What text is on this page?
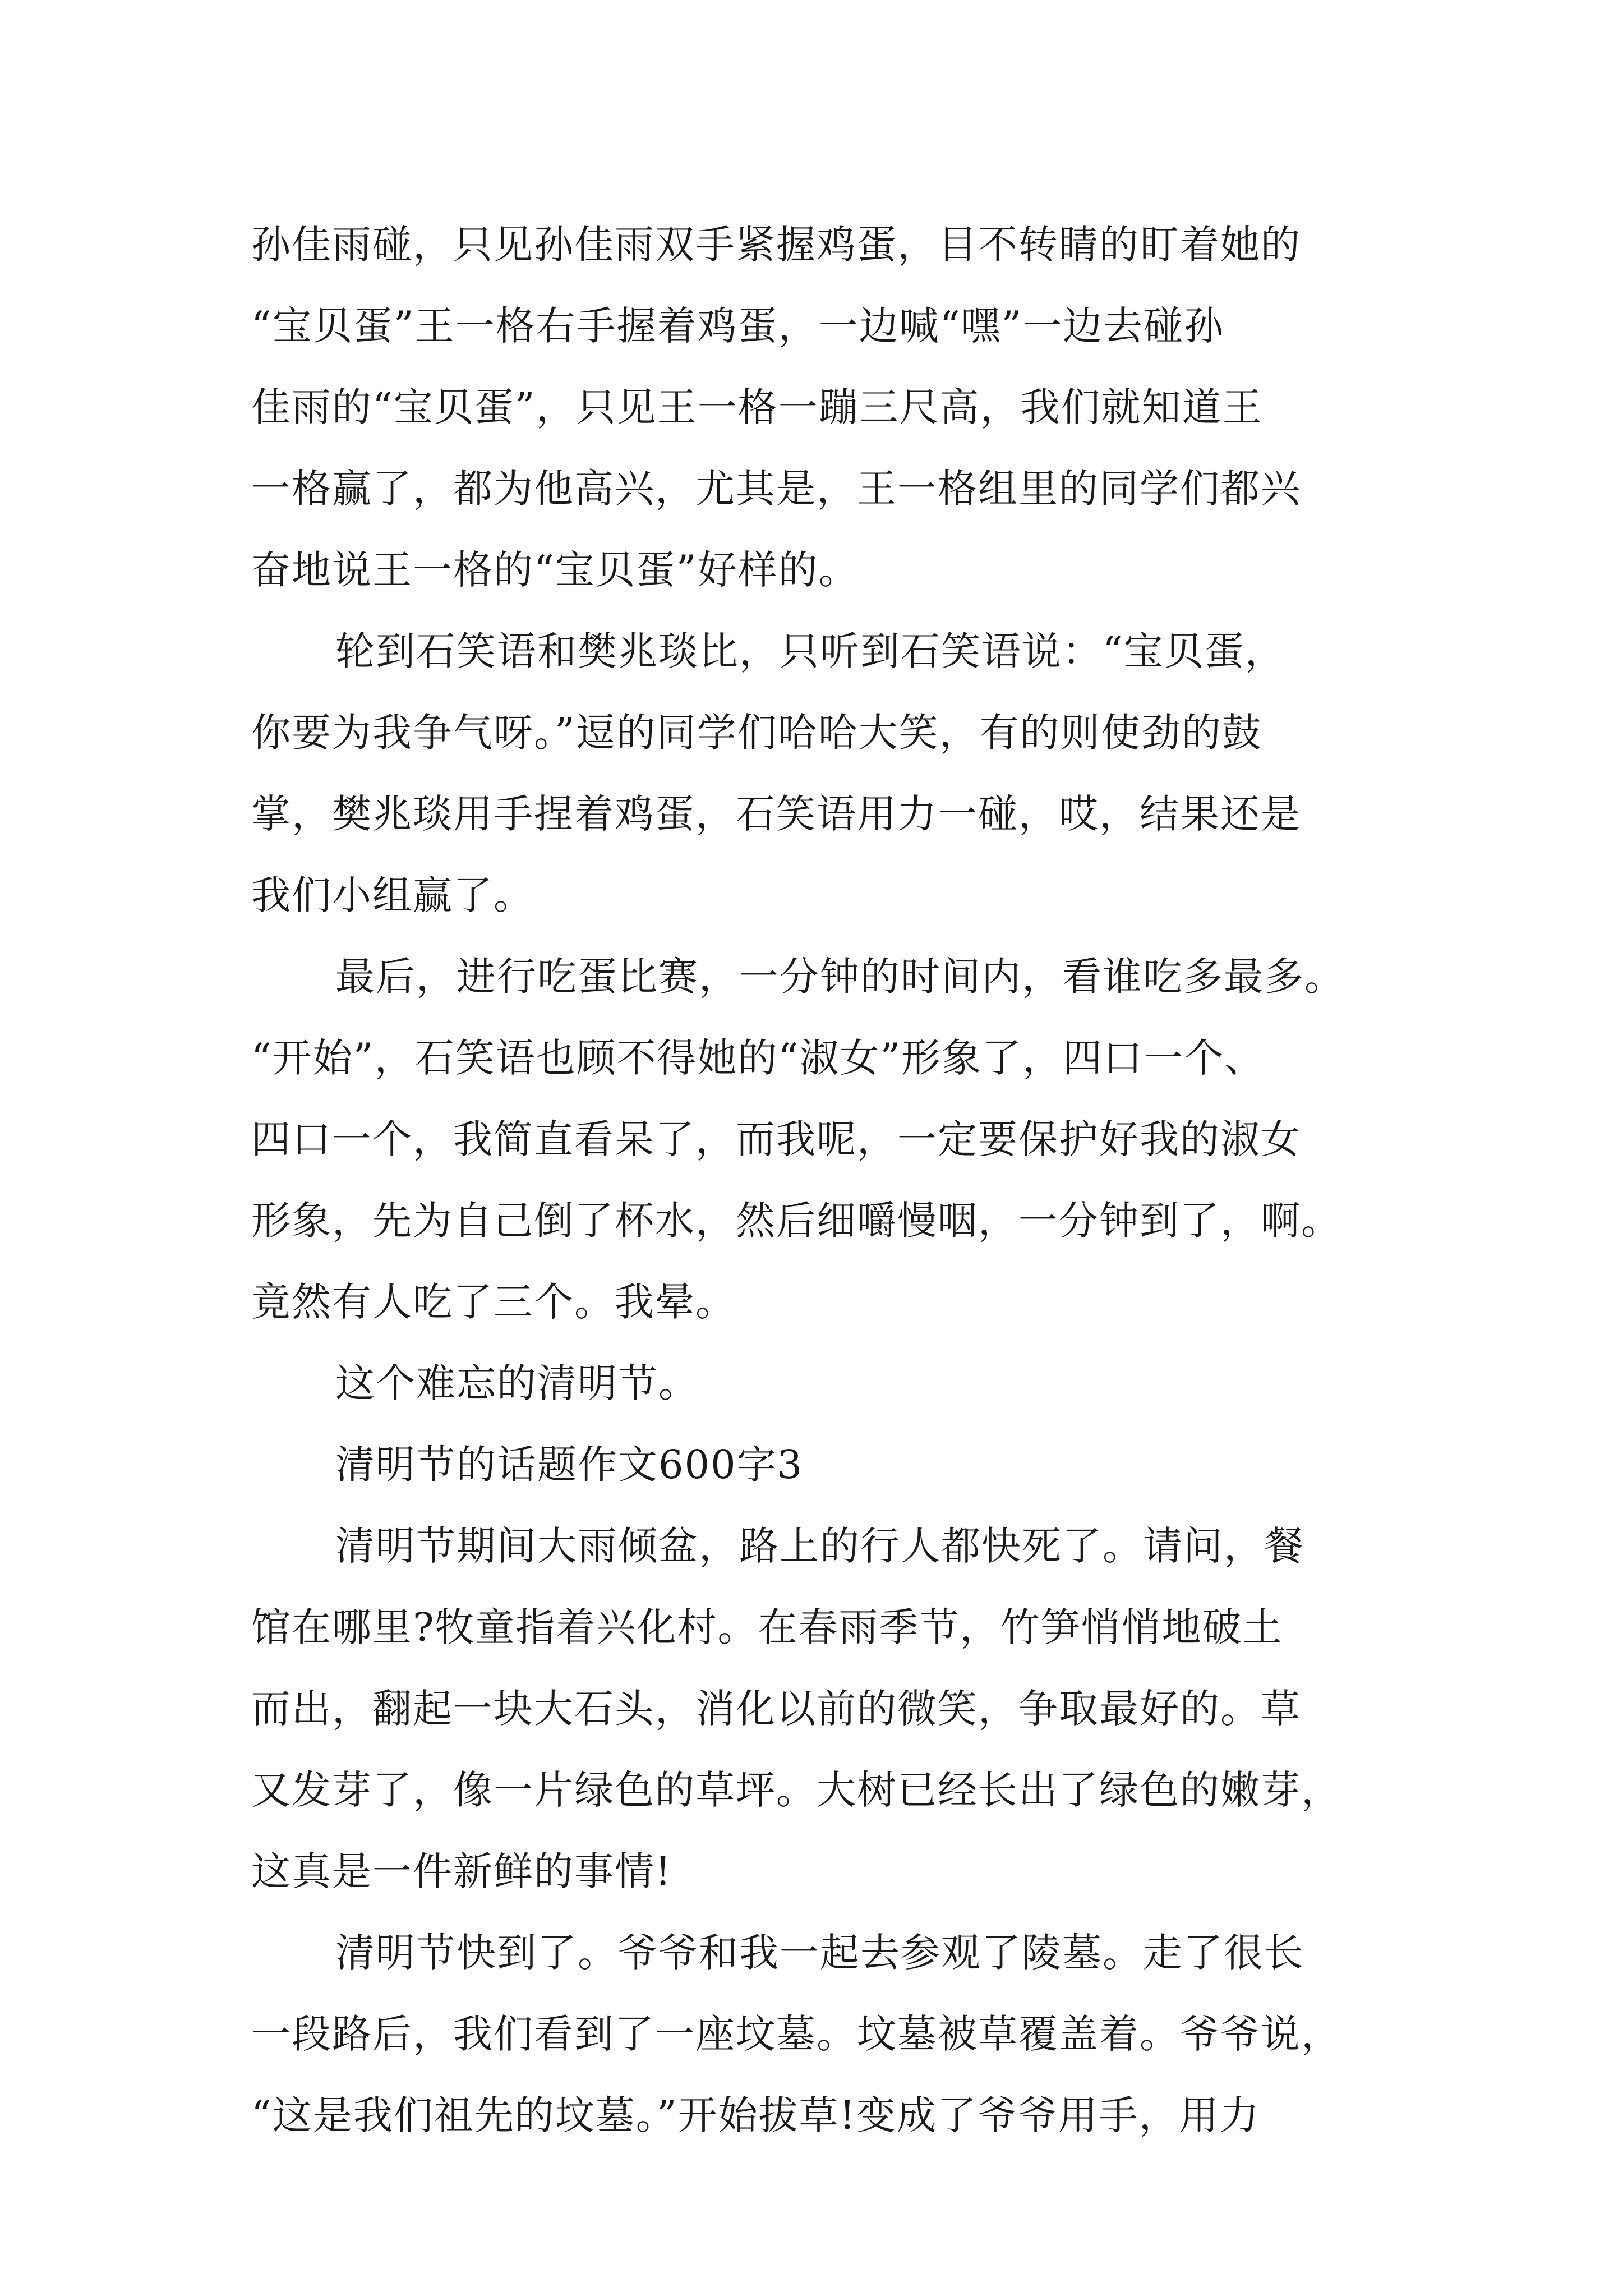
孙佳雨碰，只见孙佳雨双手紧握鸡蛋，目不转睛的盯着她的
“宝贝蛋”王一格右手握着鸡蛋，一边喊“嘿”一边去碰孙
佳雨的“宝贝蛋”，只见王一格一蹦三尺高，我们就知道王
一格赢了，都为他高兴，尤其是，王一格组里的同学们都兴
奋地说王一格的“宝贝蛋”好样的。
轮到石笑语和樊兆琰比，只听到石笑语说：“宝贝蛋，
你要为我争气呀。”逗的同学们哈哈大笑，有的则使劲的鼓
掌，樊兆琰用手捏着鸡蛋，石笑语用力一碰，哎，结果还是
我们小组赢了。
最后，进行吃蛋比赛，一分钟的时间内，看谁吃多最多。
“开始”，石笑语也顾不得她的“淑女”形象了，四口一个、
四口一个，我简直看呆了，而我呢，一定要保护好我的淑女
形象，先为自己倒了杯水，然后细嚼慢咽，一分钟到了，啊。
竟然有人吃了三个。我晕。
这个难忘的清明节。
清明节的话题作文600字3
清明节期间大雨倾盆，路上的行人都快死了。请问，餐
馆在哪里?牧童指着兴化村。在春雨季节，竹笋悄悄地破土
而出，翻起一块大石头，消化以前的微笑，争取最好的。草
又发芽了，像一片绿色的草坪。大树已经长出了绿色的嫩芽，
这真是一件新鲜的事情!
清明节快到了。爷爷和我一起去参观了陵墓。走了很长
一段路后，我们看到了一座坟墓。坟墓被草覆盖着。爷爷说，
“这是我们祖先的坟墓。”开始拔草!变成了爷爷用手，用力
